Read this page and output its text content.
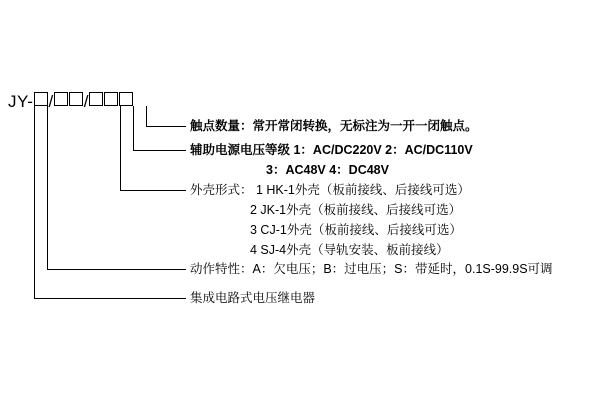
JY- / /
触点数量：常开常闭转换，无标注为一开一闭触点。
辅助电源电压等级 1：AC/DC220V 2：AC/DC110V
3：AC48V 4：DC48V
外壳形式： 1 HK-1外壳（板前接线、后接线可选）
2 JK-1外壳（板前接线、后接线可选）
3 CJ-1外壳（板前接线、后接线可选）
4 SJ-4外壳（导轨安装、板前接线）
动作特性：A：欠电压；B：过电压；S：带延时，0.1S-99.9S可调
集成电路式电压继电器
